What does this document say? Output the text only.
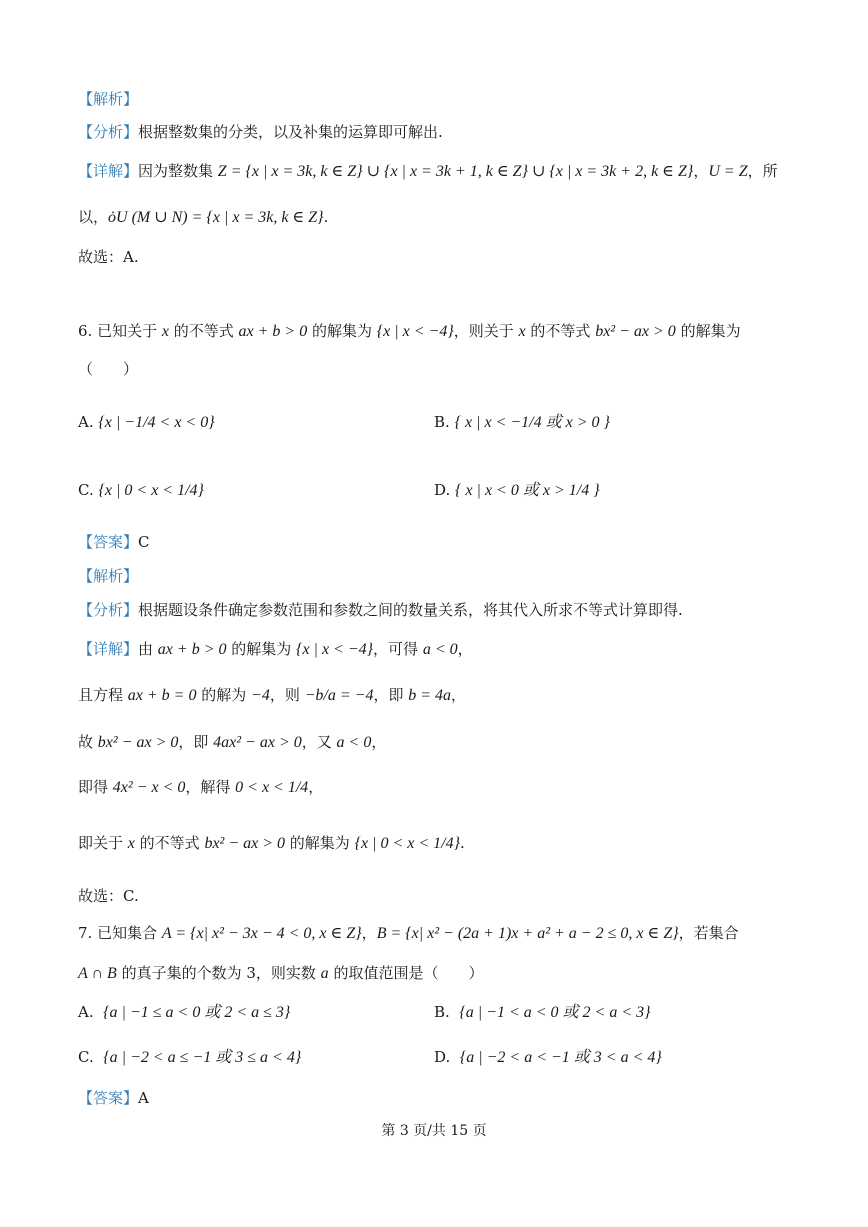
【解析】
【分析】根据整数集的分类，以及补集的运算即可解出.
【详解】因为整数集 Z = {x | x = 3k, k ∈ Z} ∪ {x | x = 3k + 1, k ∈ Z} ∪ {x | x = 3k + 2, k ∈ Z}，U = Z，所
以，ȯU (M ∪ N) = {x | x = 3k, k ∈ Z}.
故选：A.
6. 已知关于 x 的不等式 ax + b > 0 的解集为 {x | x < −4}，则关于 x 的不等式 bx² − ax > 0 的解集为
（　　）
A. {x | −1/4 < x < 0}	B. { x | x < −1/4 或 x > 0 }
C. {x | 0 < x < 1/4}	D. { x | x < 0 或 x > 1/4 }
【答案】C
【解析】
【分析】根据题设条件确定参数范围和参数之间的数量关系，将其代入所求不等式计算即得.
【详解】由 ax + b > 0 的解集为 {x | x < −4}，可得 a < 0，
且方程 ax + b = 0 的解为 −4，则 −b/a = −4，即 b = 4a，
故 bx² − ax > 0，即 4ax² − ax > 0，又 a < 0，
即得 4x² − x < 0，解得 0 < x < 1/4，
即关于 x 的不等式 bx² − ax > 0 的解集为 {x | 0 < x < 1/4}.
故选：C.
7. 已知集合 A = {x| x² − 3x − 4 < 0, x ∈ Z}，B = {x| x² − (2a + 1)x + a² + a − 2 ≤ 0, x ∈ Z}，若集合
A ∩ B 的真子集的个数为 3，则实数 a 的取值范围是（　　）
A. {a | −1 ≤ a < 0 或 2 < a ≤ 3}	B. {a | −1 < a < 0 或 2 < a < 3}
C. {a | −2 < a ≤ −1 或 3 ≤ a < 4}	D. {a | −2 < a < −1 或 3 < a < 4}
【答案】A
第 3 页/共 15 页
